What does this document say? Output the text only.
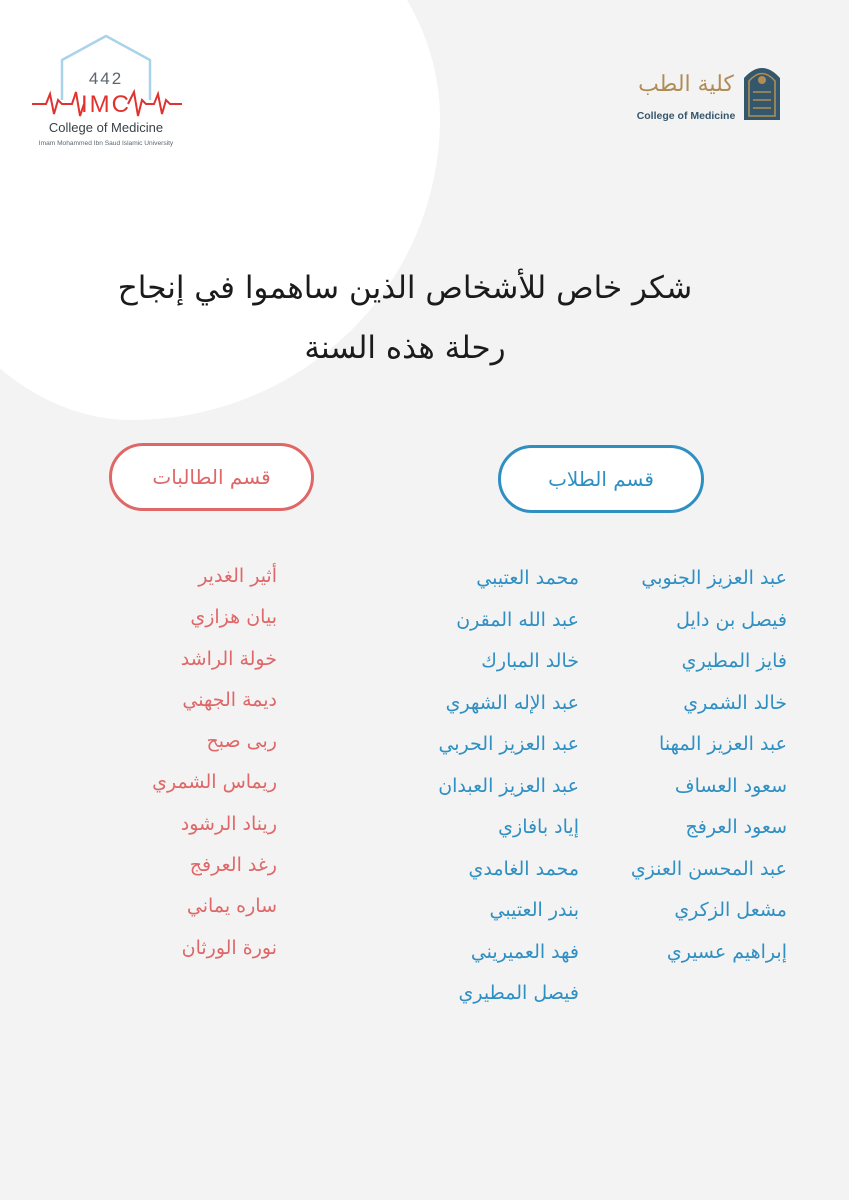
IMC
442
College of Medicine
Imam Mohammed Ibn Saud Islamic University
كلية الطب
College of Medicine
شكر خاص للأشخاص الذين ساهموا في إنجاح
رحلة هذه السنة
قسم الطلاب
قسم الطالبات
عبد العزيز الجنوبي
فيصل بن دايل
فايز المطيري
خالد الشمري
عبد العزيز المهنا
سعود العساف
سعود العرفج
عبد المحسن العنزي
مشعل الزكري
إبراهيم عسيري
محمد العتيبي
عبد الله المقرن
خالد المبارك
عبد الإله الشهري
عبد العزيز الحربي
عبد العزيز العبدان
إياد بافازي
محمد الغامدي
بندر العتيبي
فهد العميريني
فيصل المطيري
أثير الغدير
بيان هزازي
خولة الراشد
ديمة الجهني
ربى صبح
ريماس الشمري
ريناد الرشود
رغد العرفج
ساره يماني
نورة الورثان
